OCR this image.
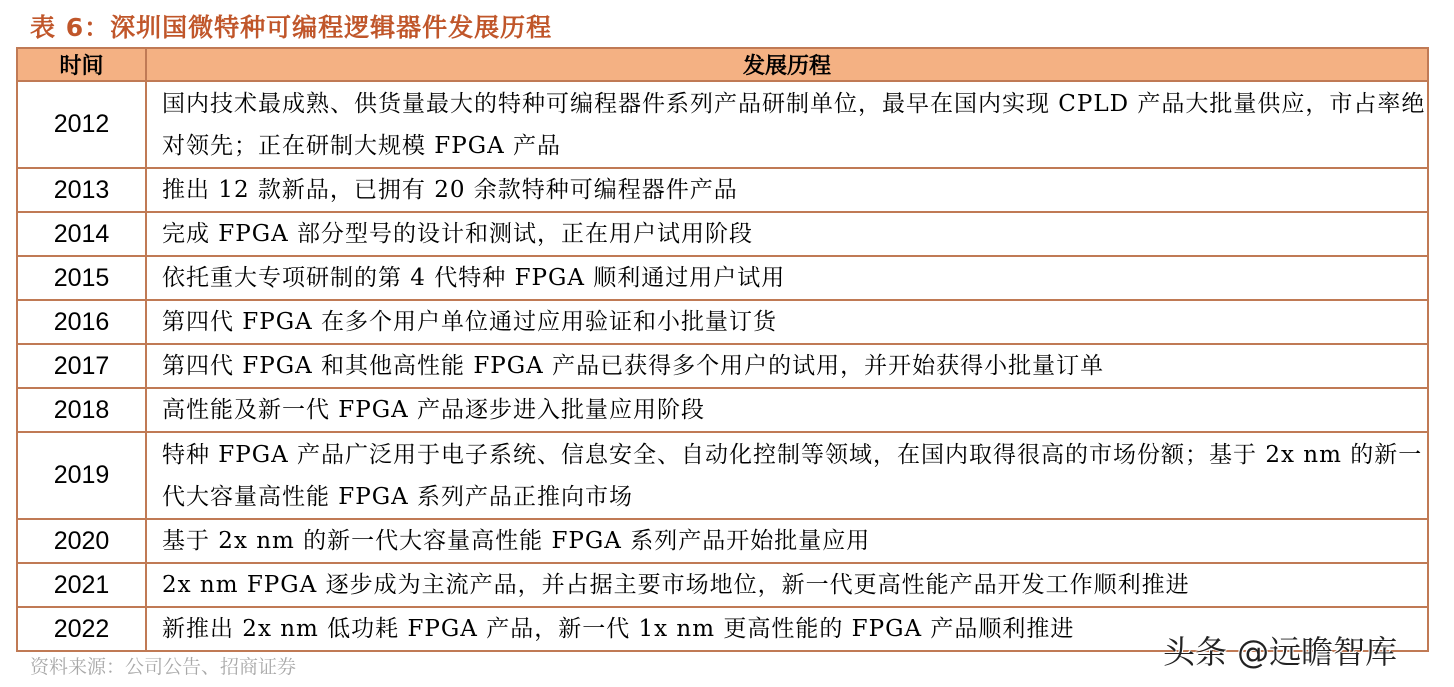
表 6：深圳国微特种可编程逻辑器件发展历程
时间	发展历程
2012	国内技术最成熟、供货量最大的特种可编程器件系列产品研制单位，最早在国内实现 CPLD 产品大批量供应，市占率绝对领先；正在研制大规模 FPGA 产品
2013	推出 12 款新品，已拥有 20 余款特种可编程器件产品
2014	完成 FPGA 部分型号的设计和测试，正在用户试用阶段
2015	依托重大专项研制的第 4 代特种 FPGA 顺利通过用户试用
2016	第四代 FPGA 在多个用户单位通过应用验证和小批量订货
2017	第四代 FPGA 和其他高性能 FPGA 产品已获得多个用户的试用，并开始获得小批量订单
2018	高性能及新一代 FPGA 产品逐步进入批量应用阶段
2019	特种 FPGA 产品广泛用于电子系统、信息安全、自动化控制等领域，在国内取得很高的市场份额；基于 2x nm 的新一代大容量高性能 FPGA 系列产品正推向市场
2020	基于 2x nm 的新一代大容量高性能 FPGA 系列产品开始批量应用
2021	2x nm FPGA 逐步成为主流产品，并占据主要市场地位，新一代更高性能产品开发工作顺利推进
2022	新推出 2x nm 低功耗 FPGA 产品，新一代 1x nm 更高性能的 FPGA 产品顺利推进
资料来源：公司公告、招商证券	头条 @远瞻智库
